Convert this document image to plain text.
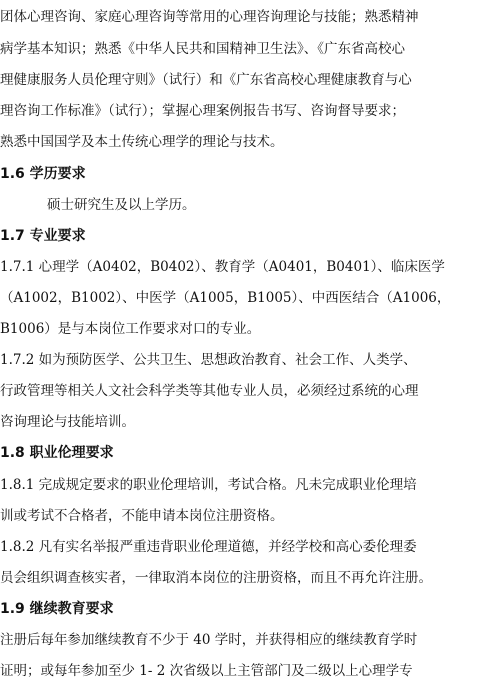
团体心理咨询、家庭心理咨询等常用的心理咨询理论与技能；熟悉精神
病学基本知识；熟悉《中华人民共和国精神卫生法》、《广东省高校心
理健康服务人员伦理守则》（试行）和《广东省高校心理健康教育与心
理咨询工作标准》（试行）；掌握心理案例报告书写、咨询督导要求；
熟悉中国国学及本土传统心理学的理论与技术。
1.6 学历要求
硕士研究生及以上学历。
1.7 专业要求
1.7.1 心理学（A0402，B0402）、教育学（A0401，B0401）、临床医学
（A1002，B1002）、中医学（A1005，B1005）、中西医结合（A1006，
B1006）是与本岗位工作要求对口的专业。
1.7.2 如为预防医学、公共卫生、思想政治教育、社会工作、人类学、
行政管理等相关人文社会科学类等其他专业人员，必须经过系统的心理
咨询理论与技能培训。
1.8 职业伦理要求
1.8.1 完成规定要求的职业伦理培训，考试合格。凡未完成职业伦理培
训或考试不合格者，不能申请本岗位注册资格。
1.8.2 凡有实名举报严重违背职业伦理道德，并经学校和高心委伦理委
员会组织调查核实者，一律取消本岗位的注册资格，而且不再允许注册。
1.9 继续教育要求
注册后每年参加继续教育不少于 40 学时，并获得相应的继续教育学时
证明；或每年参加至少 1- 2 次省级以上主管部门及二级以上心理学专
